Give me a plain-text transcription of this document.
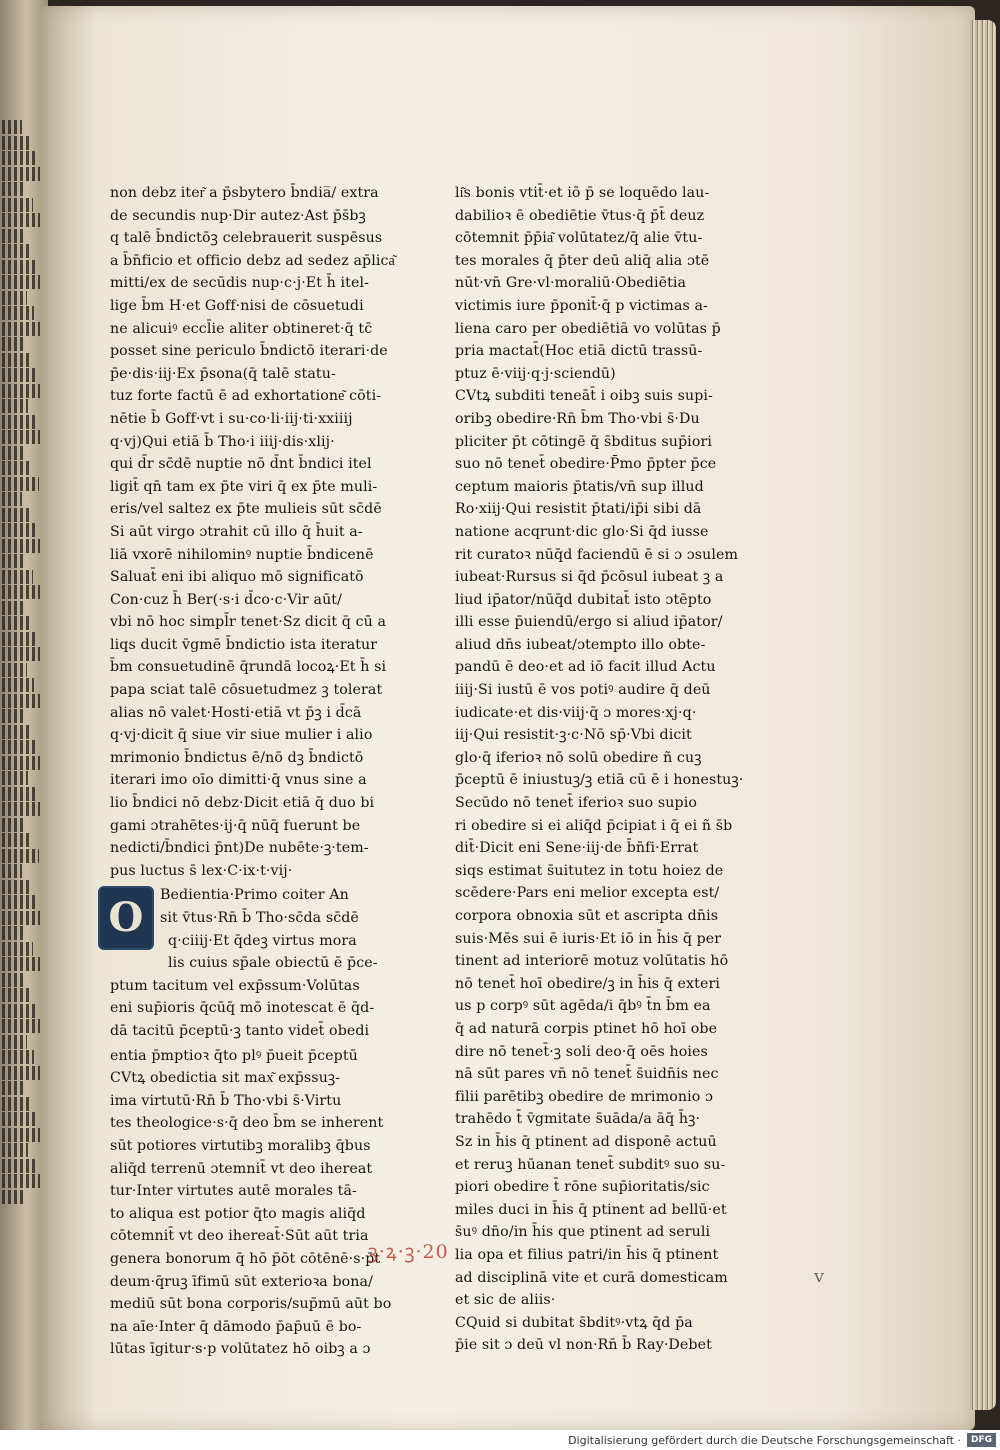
non debz iter͂ a p̄sbytero b̄ndia̅/ extra
de secundis nup·Dir autez·Ast p̄s̄bꝫ
q talē b̄ndictōꝫ celebrauerit suspēsus
a b̄n̄ficio et officio debz ad sedez ap̄lica͂
mitti/ex de secūdis nup·c·j·Et h̄ itel-
lige b̄m H·et Goff·nisi de cōsuetudi
ne alicuiꝰ eccl̄ie aliter obtineret·q̄ tc̄
posset sine periculo b̄ndictō iterari·de
p̄e·dis·iij·Ex p̄sona(q̄ talē statu-
tuz forte factū ē ad exhortatione͂ cōti-
nētie b̄ Goff·vt i su·co·li·iij·ti·xxiiij
q·vj)Qui etiā b̄ Tho·i iiij·dis·xlij·
qui d̄r sc̄dē nuptie nō d̄nt b̄ndici itel
ligit̄ qn̄ tam ex p̄te viri q̄ ex p̄te muli-
eris/vel saltez ex p̄te mulieis sūt sc̄dē
Si aūt virgo ɔtrahit cū illo q̄ h̄uit a-
liā vxorē nihilominꝰ nuptie b̄ndicenē
Saluat̄ eni ibi aliquo mō significatō
Con·cuz h̄ Ber(·s·i d̄co·c·Vir aūt/
vbi nō hoc simpl̄r tenet·Sz dicit q̄ cū a
liqs ducit v̄gmē b̄ndictio ista iteratur
b̄m consuetudinē q̄rundā locoꝝ·Et h̄ si
papa sciat talē cōsuetudmez ꝫ tolerat
alias nō valet·Hosti·etiā vt p̄ꝫ i d̄cā
q·vj·dicit q̄ siue vir siue mulier i alio
mrimonio b̄ndictus ē/nō dꝫ b̄ndictō
iterari imo oīo dimitti·q̄ vnus sine a
lio b̄ndici nō debz·Dicit etiā q̄ duo bi
gami ɔtrahētes·ij·q̄ nūq̄ fuerunt be
nedicti/b̄ndici p̄nt)De nubēte·ꝫ·tem-
pus luctus s̄ lex·C·ix·t·vij·
O Bedientia·Primo coiter An
sit v̄tus·Rn̄ b̄ Tho·sc̄da sc̄dē
q·ciiij·Et q̄deꝫ virtus mora
lis cuius sp̄ale obiectū ē p̄ce-
ptum tacitum vel exp̄ssum·Volūtas
eni sup̄ioris q̄cūq̄ mō inotescat ē q̄d-
dā tacitū p̄ceptū·ꝫ tanto videt̄ obedi
entia p̄mptioꝛ q̄to plꝰ p̄ueit p̄ceptū
CVtꝝ obedictia sit max͂ exp̄ssuꝫ-
ima virtutū·Rn̄ b̄ Tho·vbi s̄·Virtu
tes theologice·s·q̄ deo b̄m se inherent
sūt potiores virtutibꝫ moralibꝫ q̄bus
aliq̄d terrenū ɔtemnit̄ vt deo ihereat
tur·Inter virtutes autē morales tā-
to aliqua est potior q̄to magis aliq̄d
cōtemnit̄ vt deo ihereat̄·Sūt aūt tria
genera bonorum q̄ hō p̄ōt cōtēnē·s·p̄t
deum·q̄ruꝫ īfimū sūt exterioꝛa bona/
mediū sūt bona corporis/sup̄mū aūt bo
na aīe·Inter q̄ dāmodo p̄ap̄uū ē bo-
lūtas īgitur·s·p volūtatez hō oibꝫ a ɔ
li͂s bonis vtit̄·et iō p̄ se loquēdo lau-
dabilioꝛ ē obediētie v̄tus·q̄ p̄t̄ deuz
cōtemnit p̄p̄ia͂ volūtatez/q̄ alie v̄tu-
tes morales q̄ p̄ter deū aliq̄ alia ɔtē
nūt·vn̄ Gre·vl·moraliū·Obediētia
victimis iure p̄ponit̄·q̄ p victimas a-
liena caro per obediētiā vo volūtas p̄
pria mactat̄(Hoc etiā dictū trassū-
ptuz ē·viij·q·j·sciendū)
CVtꝝ subditi teneāt̄ i oibꝫ suis supi-
oribꝫ obedire·Rn̄ b̄m Tho·vbi s̄·Du
pliciter p̄t cōtingē q̄ s̄bditus sup̄iori
suo nō tenet̄ obedire·P̄mo p̄pter p̄ce
ceptum maioris p̄tatis/vn̄ sup illud
Ro·xiij·Qui resistit p̄tati/ip̄i sibi dā
natione acqrunt·dic glo·Si q̄d iusse
rit curatoꝛ nūq̄d faciendū ē si ɔ ɔsulem
iubeat·Rursus si q̄d p̄cōsul iubeat ꝫ a
liud ip̄ator/nūq̄d dubitat̄ isto ɔtēpto
illi esse p̄uiendū/ergo si aliud ip̄ator/
aliud dn̄s iubeat/ɔtempto illo obte-
pandū ē deo·et ad iō facit illud Actu
iiij·Si iustū ē vos potiꝰ audire q̄ deū
iudicate·et dis·viij·q̄ ɔ mores·xj·q·
iij·Qui resistit·ꝫ·c·Nō sp̄·Vbi dicit
glo·q̄ iferioꝛ nō solū obedire ñ cuꝫ
p̄ceptū ē iniustuꝫ/ꝫ etiā cū ē i honestuꝫ·
Secūdo nō tenet̄ iferioꝛ suo supio
ri obedire si ei aliq̄d p̄cipiat i q̄ ei ñ s̄b
dit̄·Dicit eni Sene·iij·de b̄n̄fi·Errat
siqs estimat s̄uitutez in totu hoiez de
scēdere·Pars eni melior excepta est/
corpora obnoxia sūt et ascripta dn̄is
suis·Mēs sui ē iuris·Et iō in h̄is q̄ per
tinent ad interiorē motuz volūtatis hō
nō tenet̄ hoī obedire/ꝫ in h̄is q̄ exteri
us p corpꝰ sūt agēda/i q̄bꝰ t̄n b̄m ea
q̄ ad naturā corpis ptinet hō hoī obe
dire nō tenet̄·ꝫ soli deo·q̄ oēs hoies
nā sūt pares vn̄ nō tenet̄ s̄uidn̄is nec
filii parētibꝫ obedire de mrimonio ɔ
trahēdo t̄ v̄gmitate s̄uāda/a āq̄ h̄ꝫ·
Sz in h̄is q̄ ptinent ad disponē actuū
et reruꝫ hūanan tenet̄ subditꝰ suo su-
piori obedire t̄ rōne sup̄ioritatis/sic
miles duci in h̄is q̄ ptinent ad bellū·et
s̄uꝰ dn̄o/in h̄is que ptinent ad seruli
lia opa et filius patri/in h̄is q̄ ptinent
ad disciplinā vite et curā domesticam
et sic de aliis·
CQuid si dubitat s̄bditꝰ·vtꝝ q̄d p̄a
p̄ie sit ɔ deū vl non·Rn̄ b̄ Ray·Debet
ꝫ·ꝝ·ꝫ·20
v
Digitalisierung gefördert durch die Deutsche Forschungsgemeinschaft ·	DFG
